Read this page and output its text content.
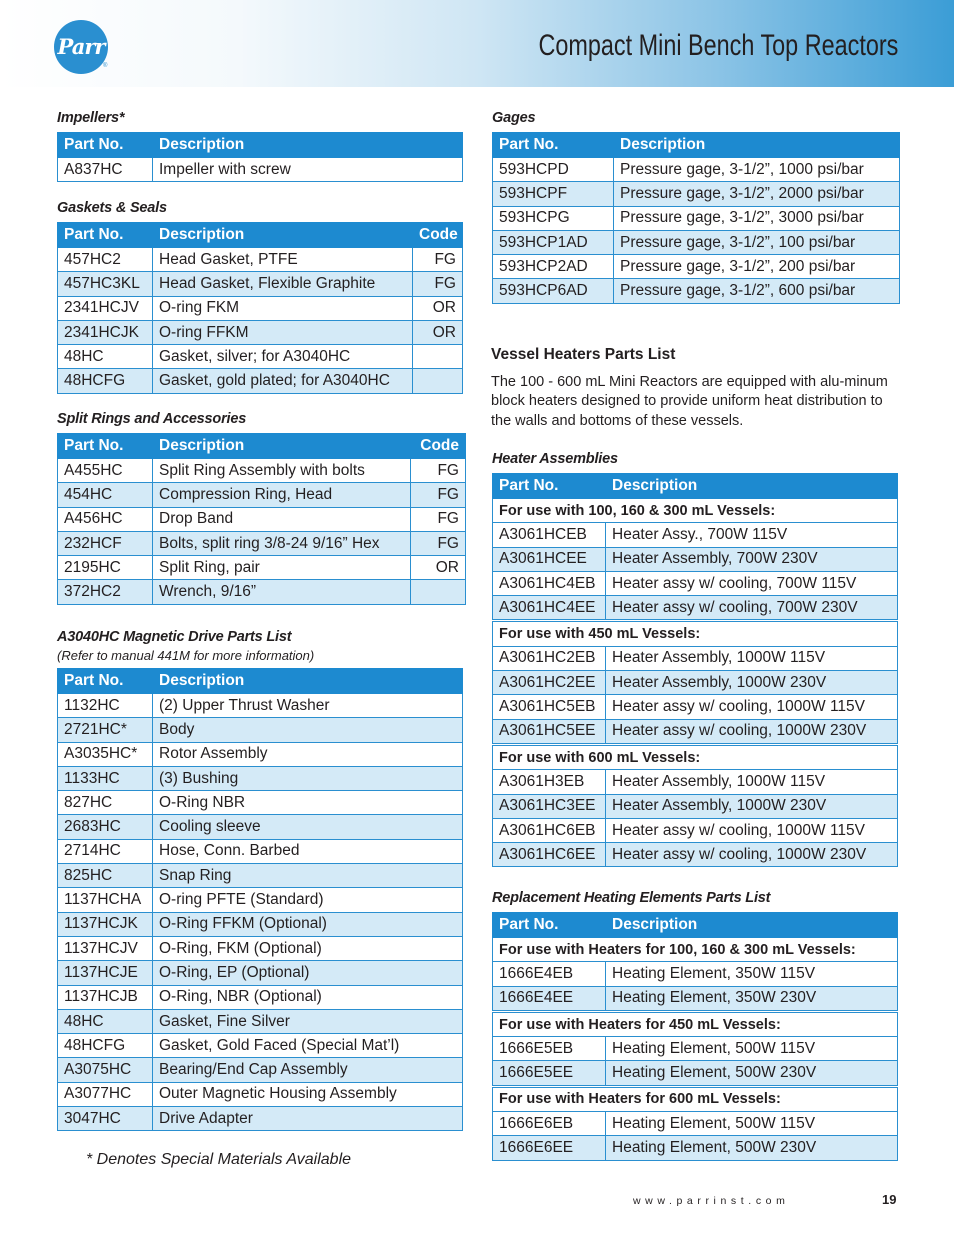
Parr
®
Compact Mini Bench Top Reactors
Impellers*
Part No.	Description
A837HC	Impeller with screw
Gaskets & Seals
Part No.	Description	Code
457HC2	Head Gasket, PTFE	FG
457HC3KL	Head Gasket, Flexible Graphite	FG
2341HCJV	O-ring FKM	OR
2341HCJK	O-ring FFKM	OR
48HC	Gasket, silver; for A3040HC	
48HCFG	Gasket, gold plated; for A3040HC	
Split Rings and Accessories
Part No.	Description	Code
A455HC	Split Ring Assembly with bolts	FG
454HC	Compression Ring, Head	FG
A456HC	Drop Band	FG
232HCF	Bolts, split ring 3/8-24 9/16” Hex	FG
2195HC	Split Ring, pair	OR
372HC2	Wrench, 9/16”	
A3040HC Magnetic Drive Parts List
(Refer to manual 441M for more information)
Part No.	Description
1132HC	(2) Upper Thrust Washer
2721HC*	Body
A3035HC*	Rotor Assembly
1133HC	(3) Bushing
827HC	O-Ring NBR
2683HC	Cooling sleeve
2714HC	Hose, Conn. Barbed
825HC	Snap Ring
1137HCHA	O-ring PFTE (Standard)
1137HCJK	O-Ring FFKM (Optional)
1137HCJV	O-Ring, FKM (Optional)
1137HCJE	O-Ring, EP (Optional)
1137HCJB	O-Ring, NBR (Optional)
48HC	Gasket, Fine Silver
48HCFG	Gasket, Gold Faced (Special Mat’l)
A3075HC	Bearing/End Cap Assembly
A3077HC	Outer Magnetic Housing Assembly
3047HC	Drive Adapter
Gages
Part No.	Description
593HCPD	Pressure gage, 3-1/2”, 1000 psi/bar
593HCPF	Pressure gage, 3-1/2”, 2000 psi/bar
593HCPG	Pressure gage, 3-1/2”, 3000 psi/bar
593HCP1AD	Pressure gage, 3-1/2”, 100 psi/bar
593HCP2AD	Pressure gage, 3-1/2”, 200 psi/bar
593HCP6AD	Pressure gage, 3-1/2”, 600 psi/bar
Vessel Heaters Parts List
The 100 - 600 mL Mini Reactors are equipped with alu-minum block heaters designed to provide uniform heat distribution to the walls and bottoms of these vessels.
Heater Assemblies
Part No.	Description
For use with 100, 160 & 300 mL Vessels:	
A3061HCEB	Heater Assy., 700W 115V
A3061HCEE	Heater Assembly, 700W 230V
A3061HC4EB	Heater assy w/ cooling, 700W 115V
A3061HC4EE	Heater assy w/ cooling, 700W 230V
For use with 450 mL Vessels:	
A3061HC2EB	Heater Assembly, 1000W 115V
A3061HC2EE	Heater Assembly, 1000W 230V
A3061HC5EB	Heater assy w/ cooling, 1000W 115V
A3061HC5EE	Heater assy w/ cooling, 1000W 230V
For use with 600 mL Vessels:	
A3061H3EB	Heater Assembly, 1000W 115V
A3061HC3EE	Heater Assembly, 1000W 230V
A3061HC6EB	Heater assy w/ cooling, 1000W 115V
A3061HC6EE	Heater assy w/ cooling, 1000W 230V
Replacement Heating Elements Parts List
Part No.	Description
For use with Heaters for 100, 160 & 300 mL Vessels:	
1666E4EB	Heating Element, 350W 115V
1666E4EE	Heating Element, 350W 230V
For use with Heaters for 450 mL Vessels:	
1666E5EB	Heating Element, 500W 115V
1666E5EE	Heating Element, 500W 230V
For use with Heaters for 600 mL Vessels:	
1666E6EB	Heating Element, 500W 115V
1666E6EE	Heating Element, 500W 230V
* Denotes Special Materials Available
www.parrinst.com	19
